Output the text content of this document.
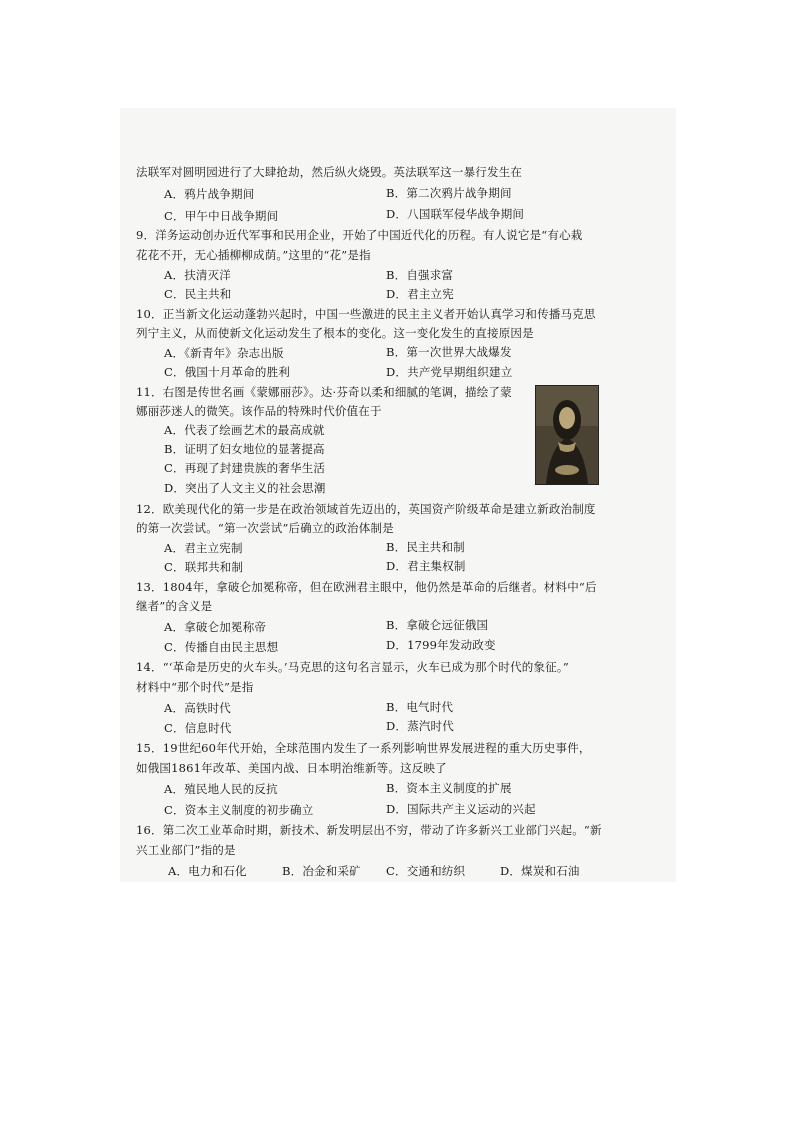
法联军对圆明园进行了大肆抢劫，然后纵火烧毁。英法联军这一暴行发生在
A．鸦片战争期间	B．第二次鸦片战争期间
C．甲午中日战争期间	D．八国联军侵华战争期间
9．洋务运动创办近代军事和民用企业，开始了中国近代化的历程。有人说它是“有心栽
花花不开，无心插柳柳成荫。”这里的“花”是指
A．扶清灭洋	B．自强求富
C．民主共和	D．君主立宪
10．正当新文化运动蓬勃兴起时，中国一些激进的民主主义者开始认真学习和传播马克思
列宁主义，从而使新文化运动发生了根本的变化。这一变化发生的直接原因是
A．《新青年》杂志出版	B．第一次世界大战爆发
C．俄国十月革命的胜利	D．共产党早期组织建立
11．右图是传世名画《蒙娜丽莎》。达·芬奇以柔和细腻的笔调，描绘了蒙
娜丽莎迷人的微笑。该作品的特殊时代价值在于
A．代表了绘画艺术的最高成就
B．证明了妇女地位的显著提高
C．再现了封建贵族的奢华生活
D．突出了人文主义的社会思潮
12．欧美现代化的第一步是在政治领域首先迈出的，英国资产阶级革命是建立新政治制度
的第一次尝试。“第一次尝试”后确立的政治体制是
A．君主立宪制	B．民主共和制
C．联邦共和制	D．君主集权制
13．1804年，拿破仑加冕称帝，但在欧洲君主眼中，他仍然是革命的后继者。材料中“后
继者”的含义是
A．拿破仑加冕称帝	B．拿破仑远征俄国
C．传播自由民主思想	D．1799年发动政变
14．“‘革命是历史的火车头。’马克思的这句名言显示，火车已成为那个时代的象征。”
材料中“那个时代”是指
A．高铁时代	B．电气时代
C．信息时代	D．蒸汽时代
15．19世纪60年代开始，全球范围内发生了一系列影响世界发展进程的重大历史事件，
如俄国1861年改革、美国内战、日本明治维新等。这反映了
A．殖民地人民的反抗	B．资本主义制度的扩展
C．资本主义制度的初步确立	D．国际共产主义运动的兴起
16．第二次工业革命时期，新技术、新发明层出不穷，带动了许多新兴工业部门兴起。“新
兴工业部门”指的是
A．电力和石化	B．冶金和采矿 C．交通和纺织	D．煤炭和石油
